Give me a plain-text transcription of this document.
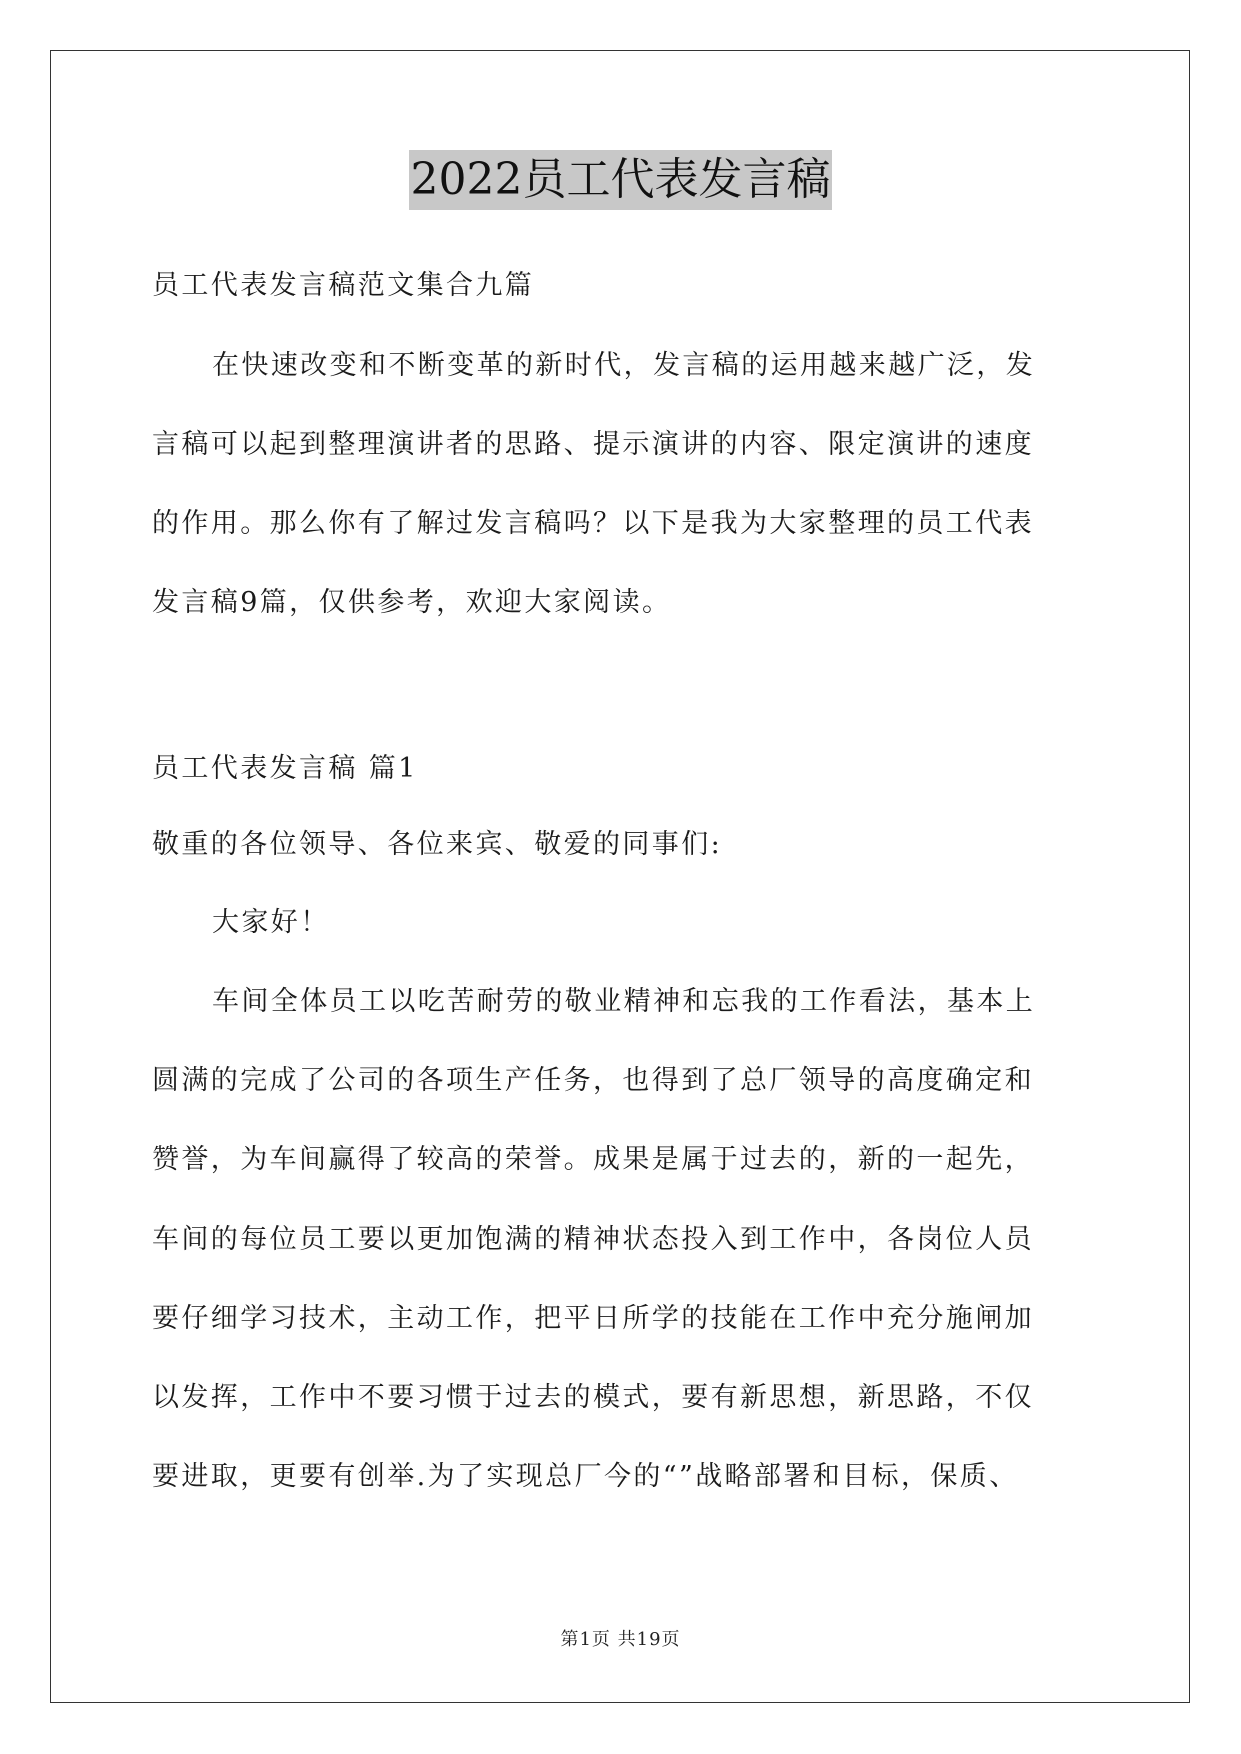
2022员工代表发言稿
员工代表发言稿范文集合九篇
在快速改变和不断变革的新时代，发言稿的运用越来越广泛，发
言稿可以起到整理演讲者的思路、提示演讲的内容、限定演讲的速度
的作用。那么你有了解过发言稿吗？以下是我为大家整理的员工代表
发言稿9篇，仅供参考，欢迎大家阅读。
员工代表发言稿 篇1
敬重的各位领导、各位来宾、敬爱的同事们:
大家好！
车间全体员工以吃苦耐劳的敬业精神和忘我的工作看法，基本上
圆满的完成了公司的各项生产任务，也得到了总厂领导的高度确定和
赞誉，为车间赢得了较高的荣誉。成果是属于过去的，新的一起先，
车间的每位员工要以更加饱满的精神状态投入到工作中，各岗位人员
要仔细学习技术，主动工作，把平日所学的技能在工作中充分施闸加
以发挥，工作中不要习惯于过去的模式，要有新思想，新思路，不仅
要进取，更要有创举.为了实现总厂今的“”战略部署和目标，保质、
第1页 共19页
